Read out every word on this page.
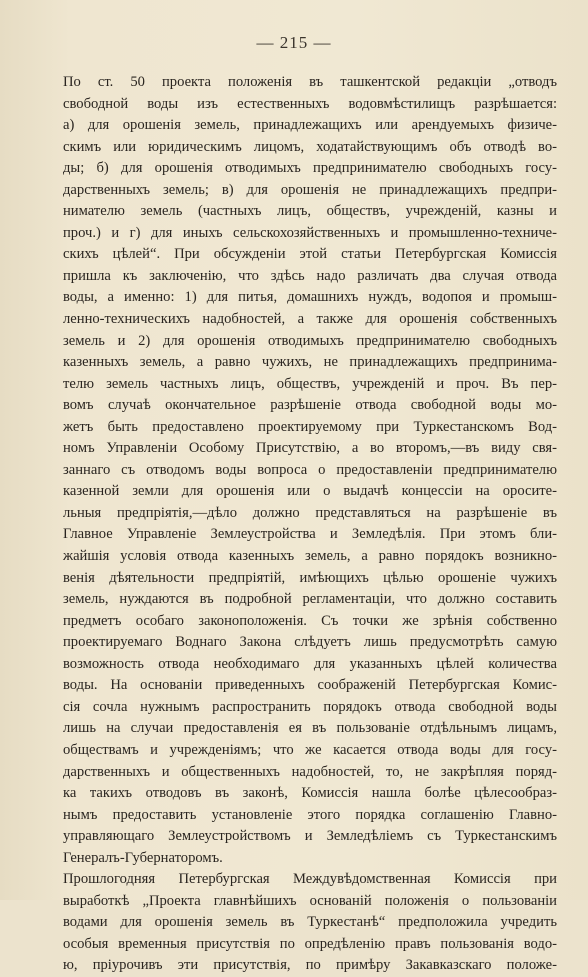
— 215 —
По ст. 50 проекта положенія въ ташкентской редакціи „отводъ
свободной воды изъ естественныхъ водовмѣстилищъ разрѣшается:
а) для орошенія земель, принадлежащихъ или арендуемыхъ физиче-
скимъ или юридическимъ лицомъ, ходатайствующимъ объ отводѣ во-
ды; б) для орошенія отводимыхъ предпринимателю свободныхъ госу-
дарственныхъ земель; в) для орошенія не принадлежащихъ предпри-
нимателю земель (частныхъ лицъ, обществъ, учрежденій, казны и
проч.) и г) для иныхъ сельскохозяйственныхъ и промышленно-техниче-
скихъ цѣлей“. При обсужденіи этой статьи Петербургская Комиссія
пришла къ заключенію, что здѣсь надо различать два случая отвода
воды, а именно: 1) для питья, домашнихъ нуждъ, водопоя и промыш-
ленно-техническихъ надобностей, а также для орошенія собственныхъ
земель и 2) для орошенія отводимыхъ предпринимателю свободныхъ
казенныхъ земель, а равно чужихъ, не принадлежащихъ предпринима-
телю земель частныхъ лицъ, обществъ, учрежденій и проч. Въ пер-
вомъ случаѣ окончательное разрѣшеніе отвода свободной воды мо-
жетъ быть предоставлено проектируемому при Туркестанскомъ Вод-
номъ Управленіи Особому Присутствію, а во второмъ,—въ виду свя-
заннаго съ отводомъ воды вопроса о предоставленіи предпринимателю
казенной земли для орошенія или о выдачѣ концессіи на оросите-
льныя предпріятія,—дѣло должно представляться на разрѣшеніе въ
Главное Управленіе Землеустройства и Земледѣлія. При этомъ бли-
жайшія условія отвода казенныхъ земель, а равно порядокъ возникно-
венія дѣятельности предпріятій, имѣющихъ цѣлью орошеніе чужихъ
земель, нуждаются въ подробной регламентаціи, что должно составить
предметъ особаго законоположенія. Съ точки же зрѣнія собственно
проектируемаго Воднаго Закона слѣдуетъ лишь предусмотрѣть самую
возможность отвода необходимаго для указанныхъ цѣлей количества
воды. На основаніи приведенныхъ соображеній Петербургская Комис-
сія сочла нужнымъ распространить порядокъ отвода свободной воды
лишь на случаи предоставленія ея въ пользованіе отдѣльнымъ лицамъ,
обществамъ и учрежденіямъ; что же касается отвода воды для госу-
дарственныхъ и общественныхъ надобностей, то, не закрѣпляя поряд-
ка такихъ отводовъ въ законѣ, Комиссія нашла болѣе цѣлесообраз-
нымъ предоставить установленіе этого порядка соглашенію Главно-
управляющаго Землеустройствомъ и Земледѣліемъ съ Туркестанскимъ
Генералъ-Губернаторомъ.
Прошлогодняя Петербургская Междувѣдомственная Комиссія при
выработкѣ „Проекта главнѣйшихъ основаній положенія о пользованіи
водами для орошенія земель въ Туркестанѣ“ предположила учредить
особыя временныя присутствія по опредѣленію правъ пользованія водо-
ю, пріурочивъ эти присутствія, по примѣру Закавказскаго положе-
